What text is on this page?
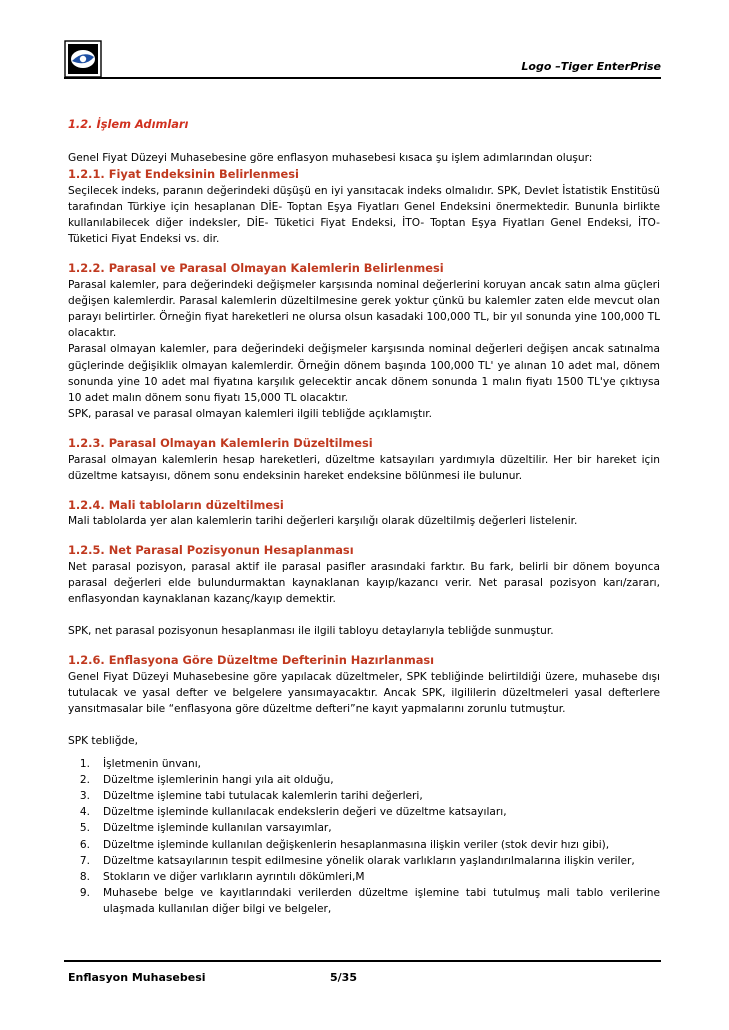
Logo –Tiger EnterPrise

1.2. İşlem Adımları

Genel Fiyat Düzeyi Muhasebesine göre enflasyon muhasebesi kısaca şu işlem adımlarından oluşur:

1.2.1. Fiyat Endeksinin Belirlenmesi

Seçilecek indeks, paranın değerindeki düşüşü en iyi yansıtacak indeks olmalıdır. SPK, Devlet İstatistik Enstitüsü tarafından Türkiye için hesaplanan DİE- Toptan Eşya Fiyatları Genel Endeksini önermektedir. Bununla birlikte kullanılabilecek diğer indeksler, DİE- Tüketici Fiyat Endeksi, İTO- Toptan Eşya Fiyatları Genel Endeksi, İTO- Tüketici Fiyat Endeksi vs. dir.

1.2.2. Parasal ve Parasal Olmayan Kalemlerin Belirlenmesi

Parasal kalemler, para değerindeki değişmeler karşısında nominal değerlerini koruyan ancak satın alma güçleri değişen kalemlerdir. Parasal kalemlerin düzeltilmesine gerek yoktur çünkü bu kalemler zaten elde mevcut olan parayı belirtirler. Örneğin fiyat hareketleri ne olursa olsun kasadaki 100,000 TL, bir yıl sonunda yine 100,000 TL olacaktır.

Parasal olmayan kalemler, para değerindeki değişmeler karşısında nominal değerleri değişen ancak satınalma güçlerinde değişiklik olmayan kalemlerdir. Örneğin dönem başında 100,000 TL' ye alınan 10 adet mal, dönem sonunda yine 10 adet mal fiyatına karşılık gelecektir ancak dönem sonunda 1 malın fiyatı 1500 TL'ye çıktıysa 10 adet malın dönem sonu fiyatı 15,000 TL olacaktır.

SPK, parasal ve parasal olmayan kalemleri ilgili tebliğde açıklamıştır.

1.2.3. Parasal Olmayan Kalemlerin Düzeltilmesi

Parasal olmayan kalemlerin hesap hareketleri, düzeltme katsayıları yardımıyla düzeltilir. Her bir hareket için düzeltme katsayısı, dönem sonu endeksinin hareket endeksine bölünmesi ile bulunur.

1.2.4. Mali tabloların düzeltilmesi

Mali tablolarda yer alan kalemlerin tarihi değerleri karşılığı olarak düzeltilmiş değerleri listelenir.

1.2.5. Net Parasal Pozisyonun Hesaplanması

Net parasal pozisyon, parasal aktif ile parasal pasifler arasındaki farktır. Bu fark, belirli bir dönem boyunca parasal değerleri elde bulundurmaktan kaynaklanan kayıp/kazancı verir. Net parasal pozisyon karı/zararı, enflasyondan kaynaklanan kazanç/kayıp demektir.

SPK, net parasal pozisyonun hesaplanması ile ilgili tabloyu detaylarıyla tebliğde sunmuştur.

1.2.6. Enflasyona Göre Düzeltme Defterinin Hazırlanması

Genel Fiyat Düzeyi Muhasebesine göre yapılacak düzeltmeler, SPK tebliğinde belirtildiği üzere, muhasebe dışı tutulacak ve yasal defter ve belgelere yansımayacaktır. Ancak SPK, ilgililerin düzeltmeleri yasal defterlere yansıtmasalar bile “enflasyona göre düzeltme defteri”ne kayıt yapmalarını zorunlu tutmuştur.

SPK tebliğde,

1. İşletmenin ünvanı,
2. Düzeltme işlemlerinin hangi yıla ait olduğu,
3. Düzeltme işlemine tabi tutulacak kalemlerin tarihi değerleri,
4. Düzeltme işleminde kullanılacak endekslerin değeri ve düzeltme katsayıları,
5. Düzeltme işleminde kullanılan varsayımlar,
6. Düzeltme işleminde kullanılan değişkenlerin hesaplanmasına ilişkin veriler (stok devir hızı gibi),
7. Düzeltme katsayılarının tespit edilmesine yönelik olarak varlıkların yaşlandırılmalarına ilişkin veriler,
8. Stokların ve diğer varlıkların ayrıntılı dökümleri,M
9. Muhasebe belge ve kayıtlarındaki verilerden düzeltme işlemine tabi tutulmuş mali tablo verilerine ulaşmada kullanılan diğer bilgi ve belgeler,
Enflasyon Muhasebesi	5/35
